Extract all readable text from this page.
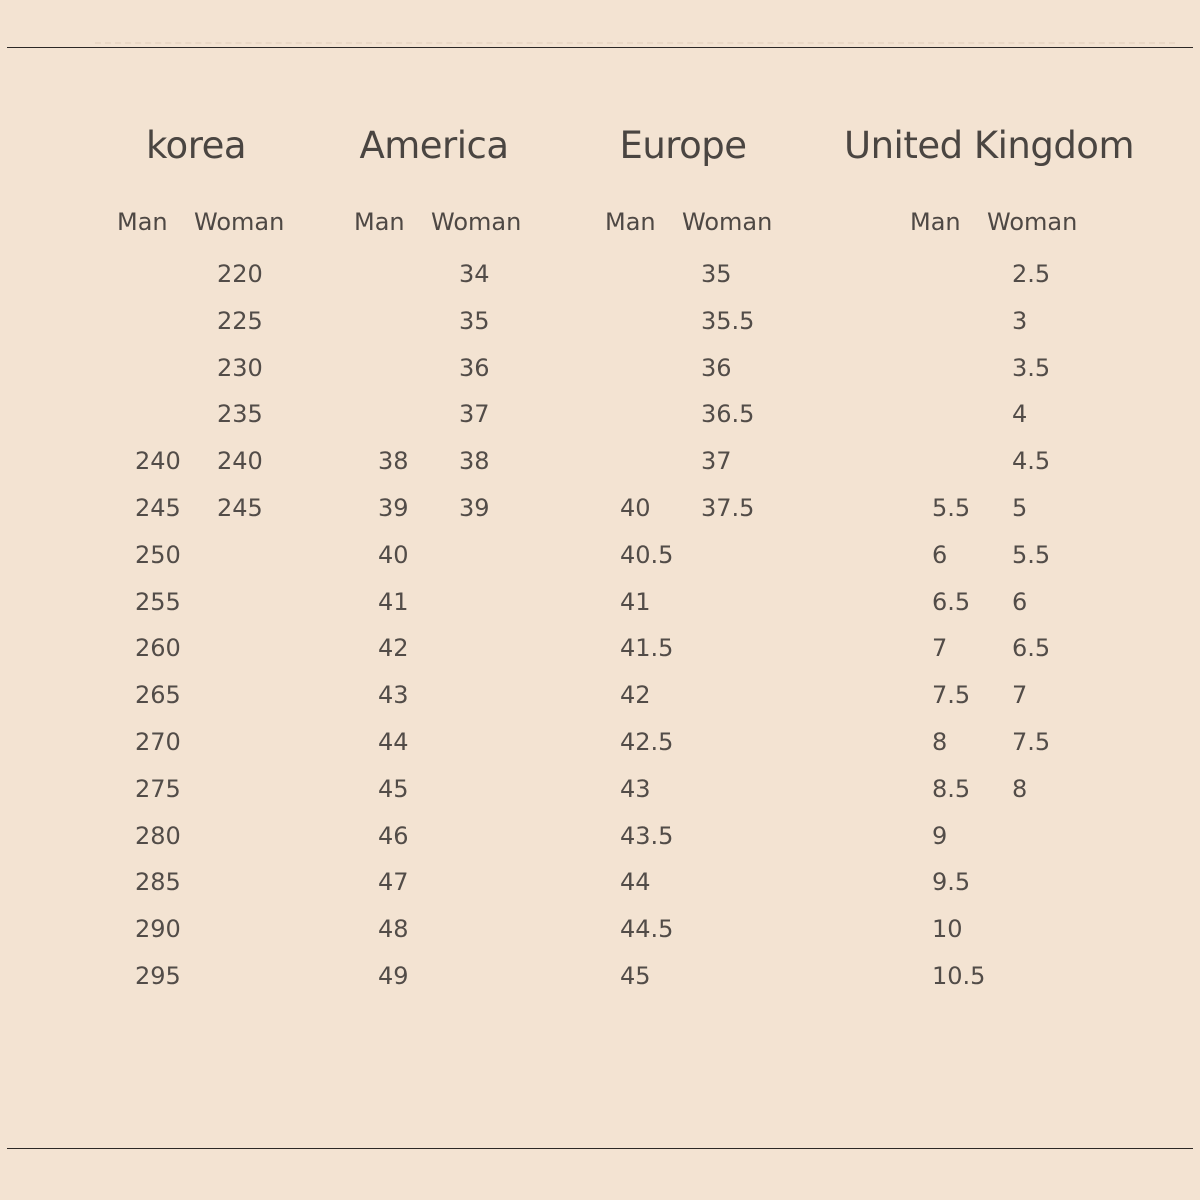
korea
Man Woman
240
245
250
255
260
265
270
275
280
285
290
295
220
225
230
235
240
245
America
Man Woman
38
39
40
41
42
43
44
45
46
47
48
49
34
35
36
37
38
39
Europe
Man Woman
40
40.5
41
41.5
42
42.5
43
43.5
44
44.5
45
35
35.5
36
36.5
37
37.5
United Kingdom
Man Woman
5.5
6
6.5
7
7.5
8
8.5
9
9.5
10
10.5
2.5
3
3.5
4
4.5
5
5.5
6
6.5
7
7.5
8
